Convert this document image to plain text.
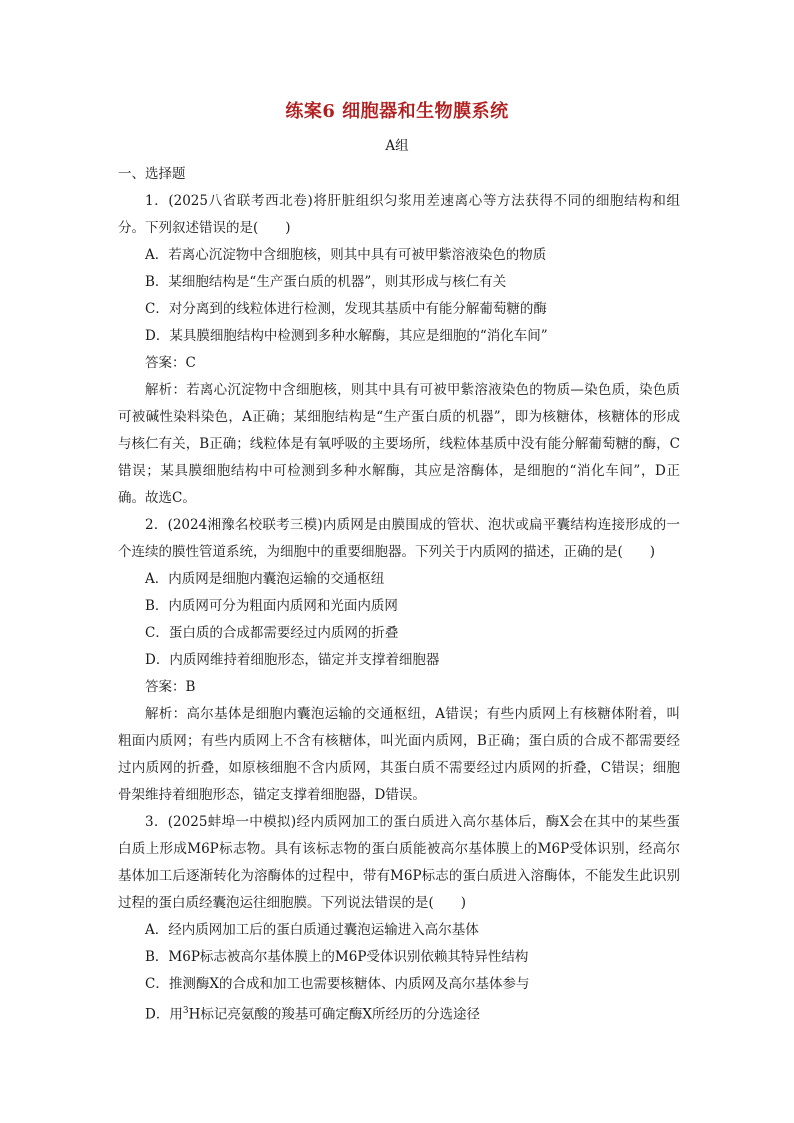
练案6 细胞器和生物膜系统
A组

一、选择题

1．(2025八省联考西北卷)将肝脏组织匀浆用差速离心等方法获得不同的细胞结构和组分。下列叙述错误的是(　　)

A．若离心沉淀物中含细胞核，则其中具有可被甲紫溶液染色的物质

B．某细胞结构是“生产蛋白质的机器”，则其形成与核仁有关

C．对分离到的线粒体进行检测，发现其基质中有能分解葡萄糖的酶

D．某具膜细胞结构中检测到多种水解酶，其应是细胞的“消化车间”

答案：C

解析：若离心沉淀物中含细胞核，则其中具有可被甲紫溶液染色的物质—染色质，染色质可被碱性染料染色，A正确；某细胞结构是“生产蛋白质的机器”，即为核糖体，核糖体的形成与核仁有关，B正确；线粒体是有氧呼吸的主要场所，线粒体基质中没有能分解葡萄糖的酶，C错误；某具膜细胞结构中可检测到多种水解酶，其应是溶酶体，是细胞的“消化车间”，D正确。故选C。

2．(2024湘豫名校联考三模)内质网是由膜围成的管状、泡状或扁平囊结构连接形成的一个连续的膜性管道系统，为细胞中的重要细胞器。下列关于内质网的描述，正确的是(　　)

A．内质网是细胞内囊泡运输的交通枢纽

B．内质网可分为粗面内质网和光面内质网

C．蛋白质的合成都需要经过内质网的折叠

D．内质网维持着细胞形态，锚定并支撑着细胞器

答案：B

解析：高尔基体是细胞内囊泡运输的交通枢纽，A错误；有些内质网上有核糖体附着，叫粗面内质网；有些内质网上不含有核糖体，叫光面内质网，B正确；蛋白质的合成不都需要经过内质网的折叠，如原核细胞不含内质网，其蛋白质不需要经过内质网的折叠，C错误；细胞骨架维持着细胞形态，锚定支撑着细胞器，D错误。

3．(2025蚌埠一中模拟)经内质网加工的蛋白质进入高尔基体后，酶X会在其中的某些蛋白质上形成M6P标志物。具有该标志物的蛋白质能被高尔基体膜上的M6P受体识别，经高尔基体加工后逐渐转化为溶酶体的过程中，带有M6P标志的蛋白质进入溶酶体，不能发生此识别过程的蛋白质经囊泡运往细胞膜。下列说法错误的是(　　)

A．经内质网加工后的蛋白质通过囊泡运输进入高尔基体

B．M6P标志被高尔基体膜上的M6P受体识别依赖其特异性结构

C．推测酶X的合成和加工也需要核糖体、内质网及高尔基体参与

D．用$^3$H标记亮氨酸的羧基可确定酶X所经历的分选途径
